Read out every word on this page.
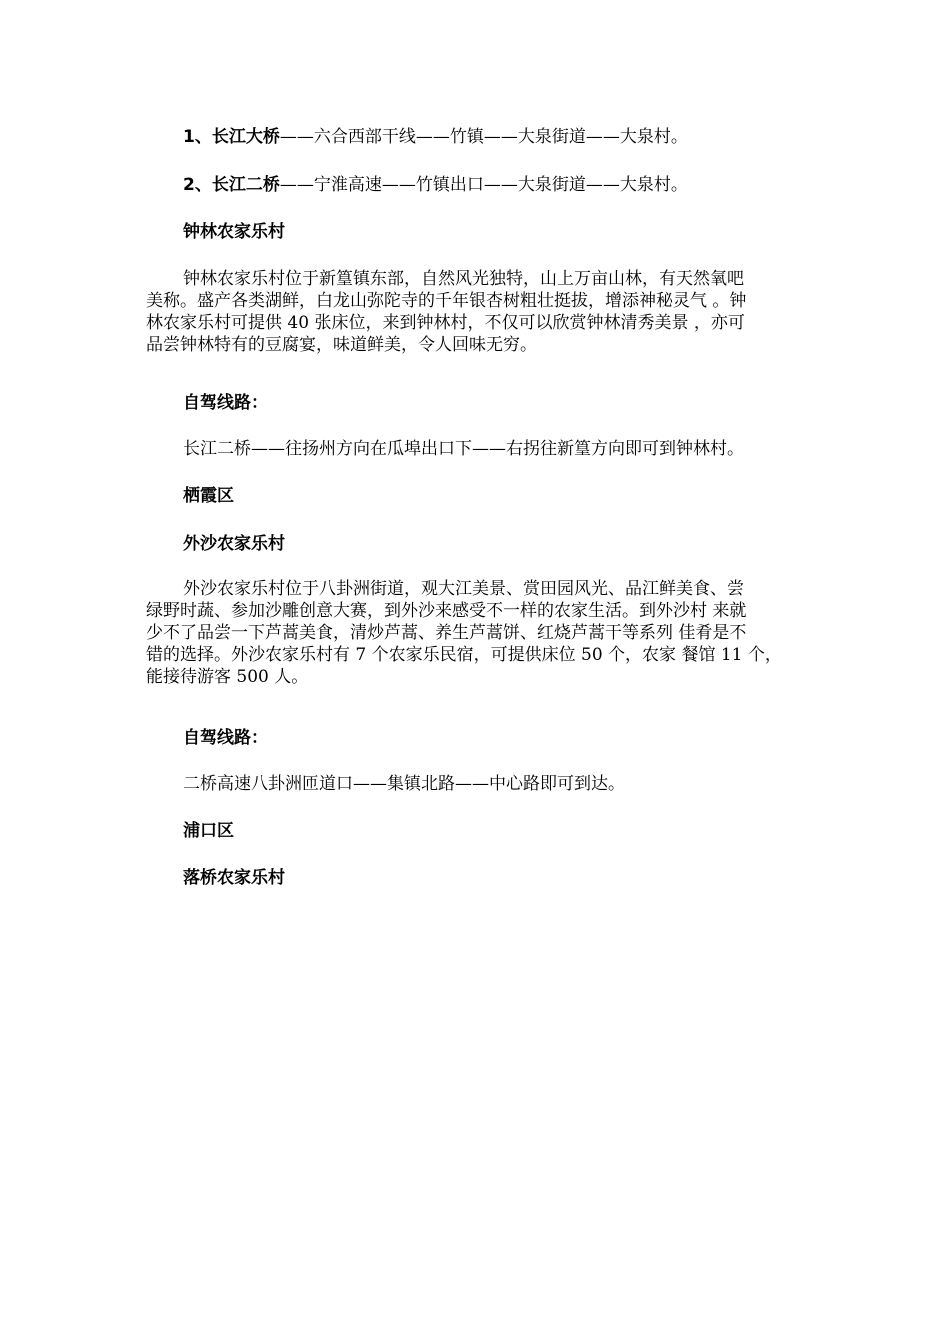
1、长江大桥——六合西部干线——竹镇——大泉街道——大泉村。
2、长江二桥——宁淮高速——竹镇出口——大泉街道——大泉村。
钟林农家乐村
钟林农家乐村位于新篁镇东部，自然风光独特，山上万亩山林，有天然氧吧
美称。盛产各类湖鲜，白龙山弥陀寺的千年银杏树粗壮挺拔，增添神秘灵气 。钟
林农家乐村可提供 40 张床位，来到钟林村，不仅可以欣赏钟林清秀美景 ，亦可
品尝钟林特有的豆腐宴，味道鲜美，令人回味无穷。
自驾线路：
长江二桥——往扬州方向在瓜埠出口下——右拐往新篁方向即可到钟林村。
栖霞区
外沙农家乐村
外沙农家乐村位于八卦洲街道，观大江美景、赏田园风光、品江鲜美食、尝
绿野时蔬、参加沙雕创意大赛，到外沙来感受不一样的农家生活。到外沙村 来就
少不了品尝一下芦蒿美食，清炒芦蒿、养生芦蒿饼、红烧芦蒿干等系列 佳肴是不
错的选择。外沙农家乐村有 7 个农家乐民宿，可提供床位 50 个，农家 餐馆 11 个，
能接待游客 500 人。
自驾线路：
二桥高速八卦洲匝道口——集镇北路——中心路即可到达。
浦口区
落桥农家乐村
